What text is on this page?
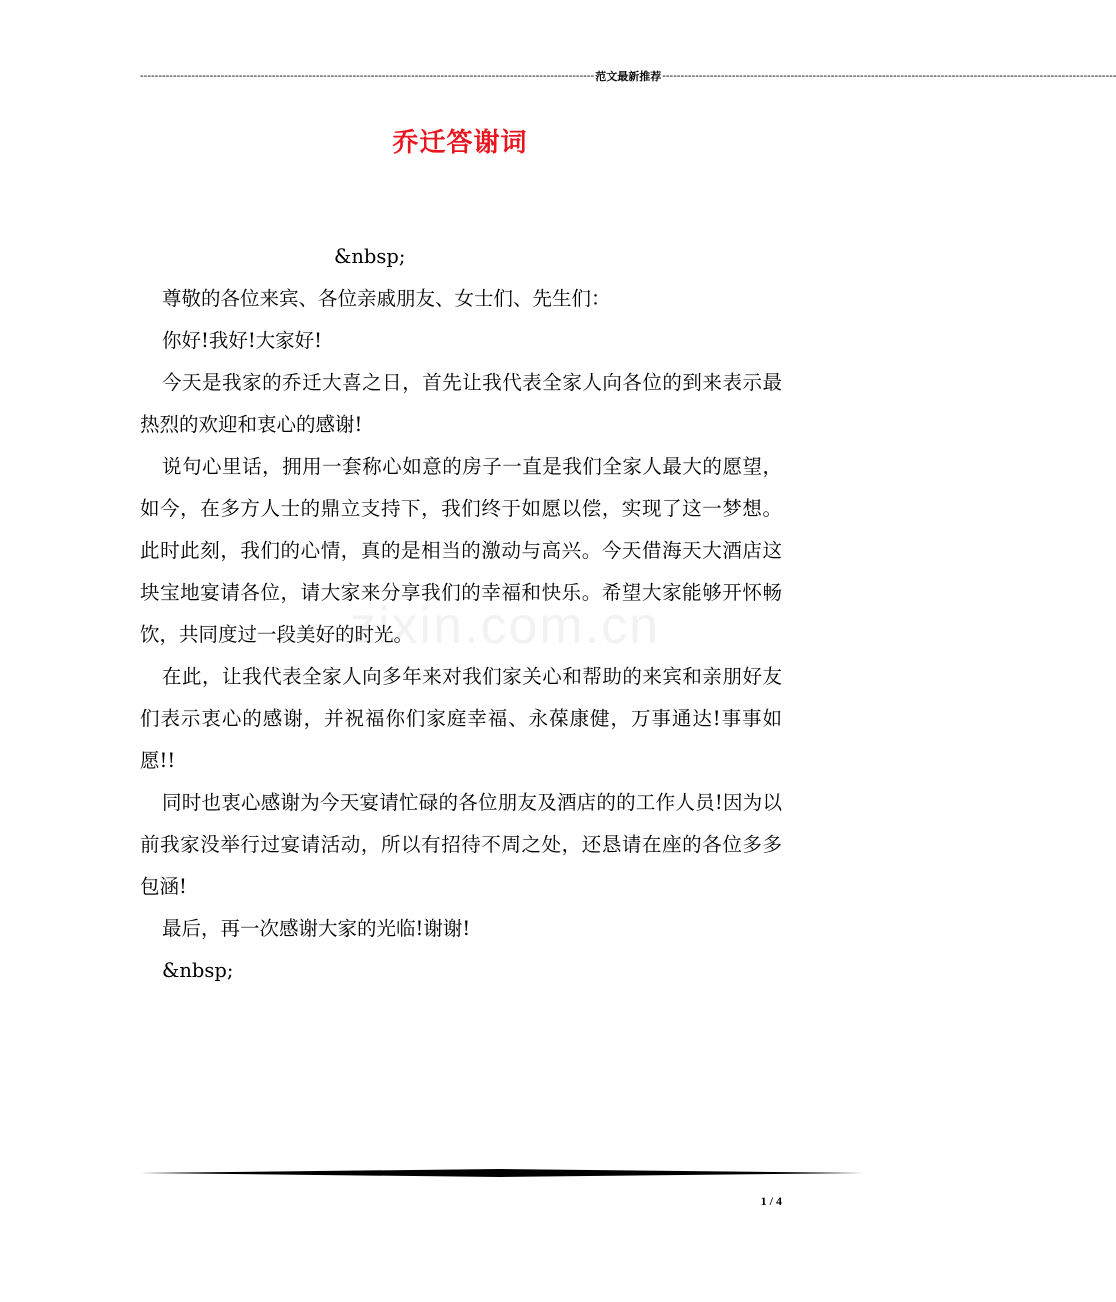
---------------------------------------------------------------------------------------------------------------------------- 范文最新推荐 ----------------------------------------------------------------------------------------------------------------------------
乔迁答谢词
zixin.com.cn

&nbsp;

尊敬的各位来宾、各位亲戚朋友、女士们、先生们：

你好!我好!大家好!

今天是我家的乔迁大喜之日，首先让我代表全家人向各位的到来表示最热烈的欢迎和衷心的感谢!

说句心里话，拥用一套称心如意的房子一直是我们全家人最大的愿望，如今，在多方人士的鼎立支持下，我们终于如愿以偿，实现了这一梦想。此时此刻，我们的心情，真的是相当的激动与高兴。今天借海天大酒店这块宝地宴请各位，请大家来分享我们的幸福和快乐。希望大家能够开怀畅饮，共同度过一段美好的时光。

在此，让我代表全家人向多年来对我们家关心和帮助的来宾和亲朋好友们表示衷心的感谢，并祝福你们家庭幸福、永葆康健，万事通达!事事如愿!!

同时也衷心感谢为今天宴请忙碌的各位朋友及酒店的的工作人员!因为以前我家没举行过宴请活动，所以有招待不周之处，还恳请在座的各位多多包涵!

最后，再一次感谢大家的光临!谢谢!

&nbsp;

1 / 4
